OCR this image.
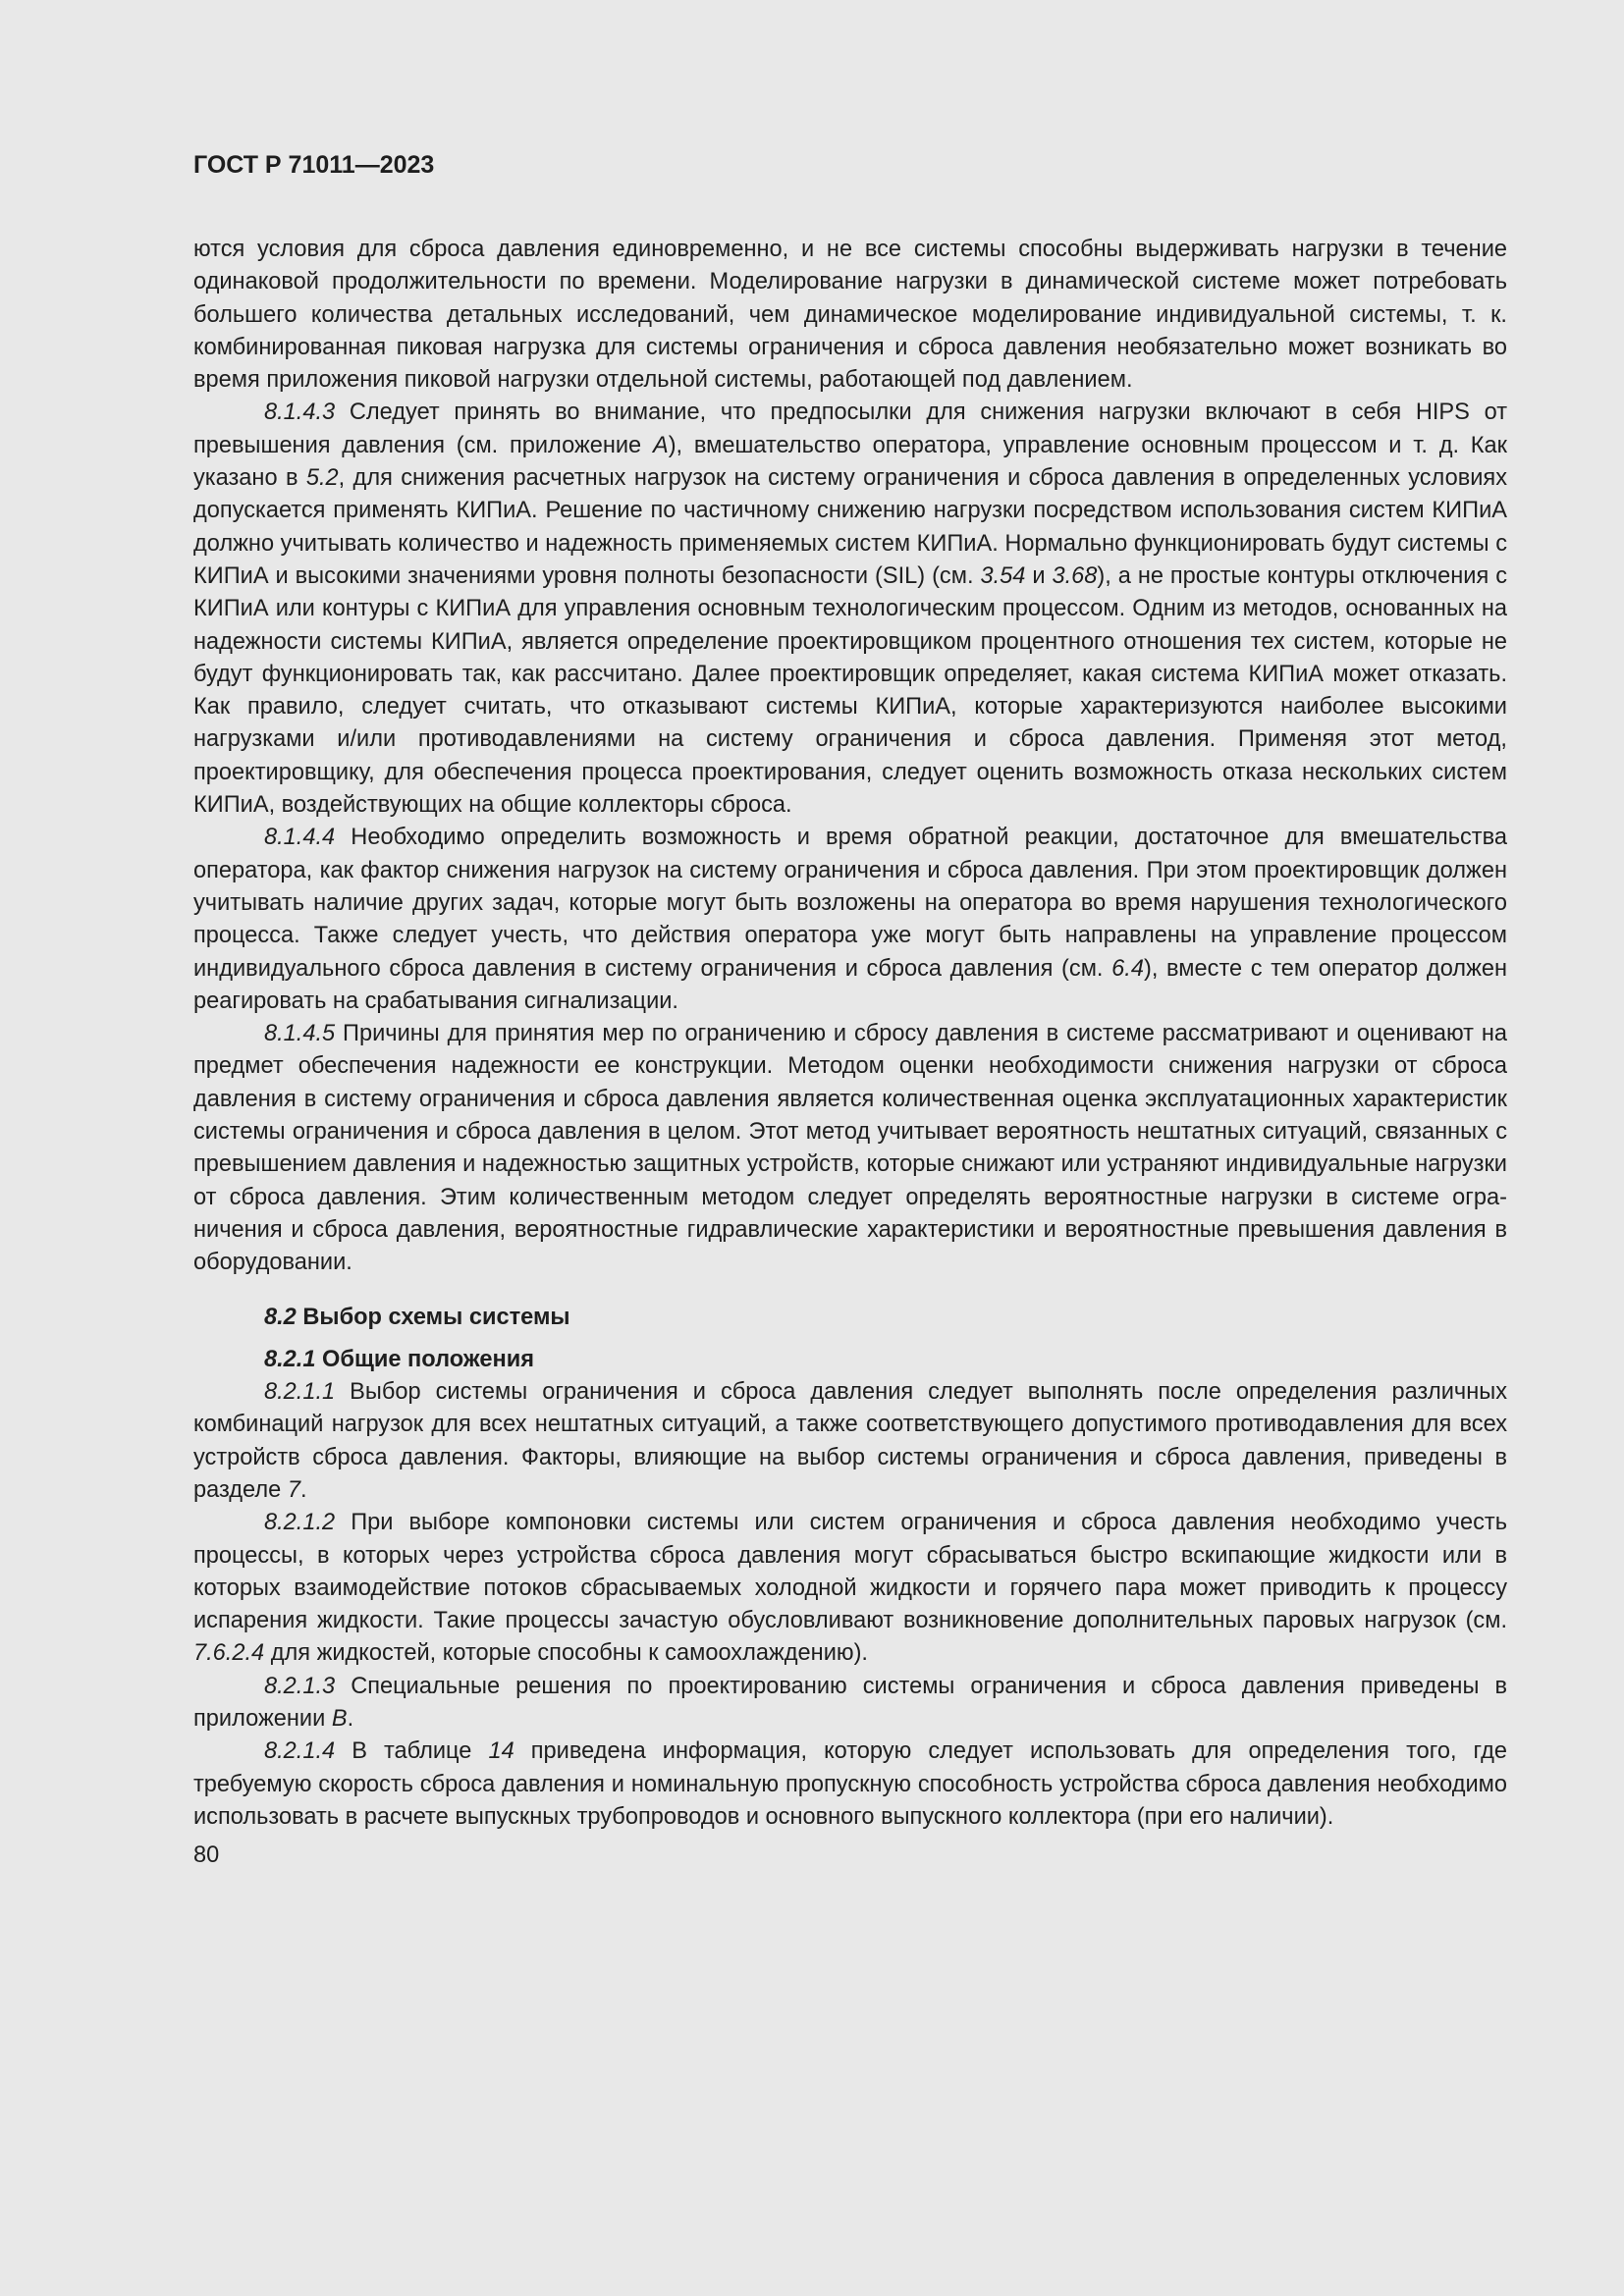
ГОСТ Р 71011—2023

ются условия для сброса давления единовременно, и не все системы способны выдерживать нагрузки в течение одинаковой продолжительности по времени. Моделирование нагрузки в динамической системе может потребовать большего количества детальных исследований, чем динамическое моделирование индивидуальной системы, т. к. комбинированная пиковая нагрузка для системы ограничения и сброса давления необязательно может возникать во время приложения пиковой нагрузки отдельной системы, работающей под давлением.

8.1.4.3 Следует принять во внимание, что предпосылки для снижения нагрузки включают в себя HIPS от превышения давления (см. приложение А), вмешательство оператора, управление основным процессом и т. д. Как указано в 5.2, для снижения расчетных нагрузок на систему ограничения и сброса давления в определенных условиях допускается применять КИПиА. Решение по частичному снижению нагрузки посредством использования систем КИПиА должно учитывать количество и надежность применяемых систем КИПиА. Нормально функционировать будут системы с КИПиА и высокими значениями уровня полноты безопасности (SIL) (см. 3.54 и 3.68), а не простые контуры отключения с КИПиА или контуры с КИПиА для управления основным технологическим процессом. Одним из методов, основанных на надежности системы КИПиА, является определение проектировщиком процентного отношения тех систем, которые не будут функционировать так, как рассчитано. Далее проектировщик определяет, какая система КИПиА может отказать. Как правило, следует считать, что отказывают системы КИПиА, которые характеризуются наиболее высокими нагрузками и/или противодавлениями на систему ограничения и сброса давления. Применяя этот метод, проектировщику, для обеспечения процесса проектирования, следует оценить возможность отказа нескольких систем КИПиА, воздействующих на общие коллекторы сброса.

8.1.4.4 Необходимо определить возможность и время обратной реакции, достаточное для вмешательства оператора, как фактор снижения нагрузок на систему ограничения и сброса давления. При этом проектировщик должен учитывать наличие других задач, которые могут быть возложены на оператора во время нарушения технологического процесса. Также следует учесть, что действия оператора уже могут быть направлены на управление процессом индивидуального сброса давления в систему ограничения и сброса давления (см. 6.4), вместе с тем оператор должен реагировать на срабатывания сигнализации.

8.1.4.5 Причины для принятия мер по ограничению и сбросу давления в системе рассматривают и оценивают на предмет обеспечения надежности ее конструкции. Методом оценки необходимости снижения нагрузки от сброса давления в систему ограничения и сброса давления является количественная оценка эксплуатационных характеристик системы ограничения и сброса давления в целом. Этот метод учитывает вероятность нештатных ситуаций, связанных с превышением давления и надежностью защитных устройств, которые снижают или устраняют индивидуальные нагрузки от сброса давления. Этим количественным методом следует определять вероятностные нагрузки в системе ограничения и сброса давления, вероятностные гидравлические характеристики и вероятностные превышения давления в оборудовании.

8.2 Выбор схемы системы

8.2.1 Общие положения

8.2.1.1 Выбор системы ограничения и сброса давления следует выполнять после определения различных комбинаций нагрузок для всех нештатных ситуаций, а также соответствующего допустимого противодавления для всех устройств сброса давления. Факторы, влияющие на выбор системы ограничения и сброса давления, приведены в разделе 7.

8.2.1.2 При выборе компоновки системы или систем ограничения и сброса давления необходимо учесть процессы, в которых через устройства сброса давления могут сбрасываться быстро вскипающие жидкости или в которых взаимодействие потоков сбрасываемых холодной жидкости и горячего пара может приводить к процессу испарения жидкости. Такие процессы зачастую обусловливают возникновение дополнительных паровых нагрузок (см. 7.6.2.4 для жидкостей, которые способны к самоохлаждению).

8.2.1.3 Специальные решения по проектированию системы ограничения и сброса давления приведены в приложении В.

8.2.1.4 В таблице 14 приведена информация, которую следует использовать для определения того, где требуемую скорость сброса давления и номинальную пропускную способность устройства сброса давления необходимо использовать в расчете выпускных трубопроводов и основного выпускного коллектора (при его наличии).

80
